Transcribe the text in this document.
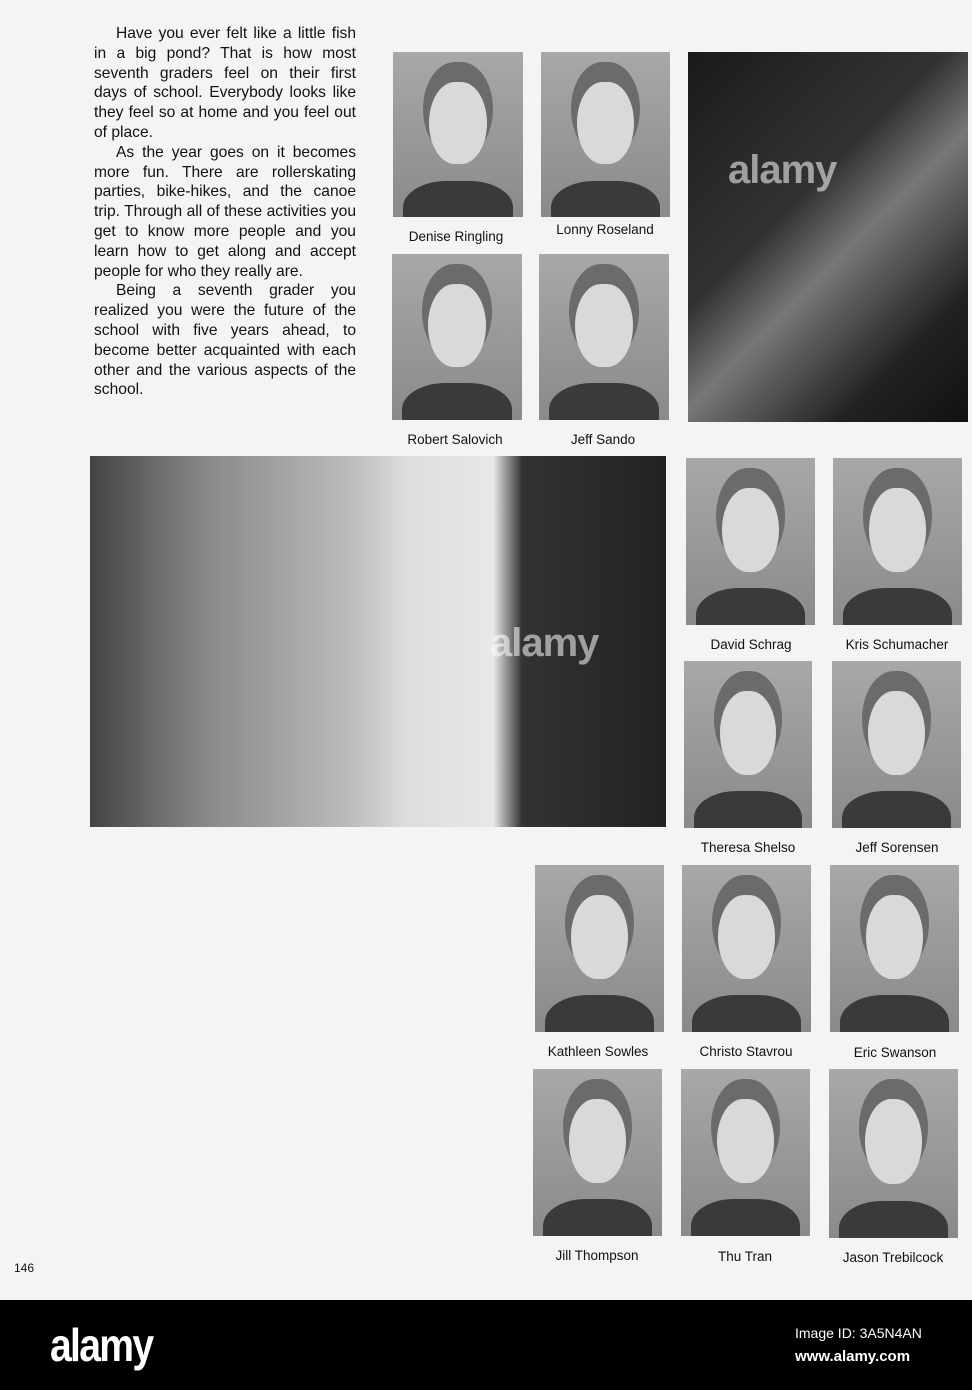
Have you ever felt like a little fish in a big pond? That is how most seventh graders feel on their first days of school. Everybody looks like they feel so at home and you feel out of place.

As the year goes on it becomes more fun. There are rollerskating parties, bike-hikes, and the canoe trip. Through all of these activities you get to know more people and you learn how to get along and accept people for who they really are.

Being a seventh grader you realized you were the future of the school with five years ahead, to become better acquainted with each other and the various aspects of the school.

alamy
alamy
Denise Ringling	Lonny Roseland
Robert Salovich	Jeff Sando
David Schrag	Kris Schumacher
Theresa Shelso	Jeff Sorensen
Kathleen Sowles	Christo Stavrou	Eric Swanson
Jill Thompson	Thu Tran	Jason Trebilcock
146
alamy	Image ID: 3A5N4AN
www.alamy.com
